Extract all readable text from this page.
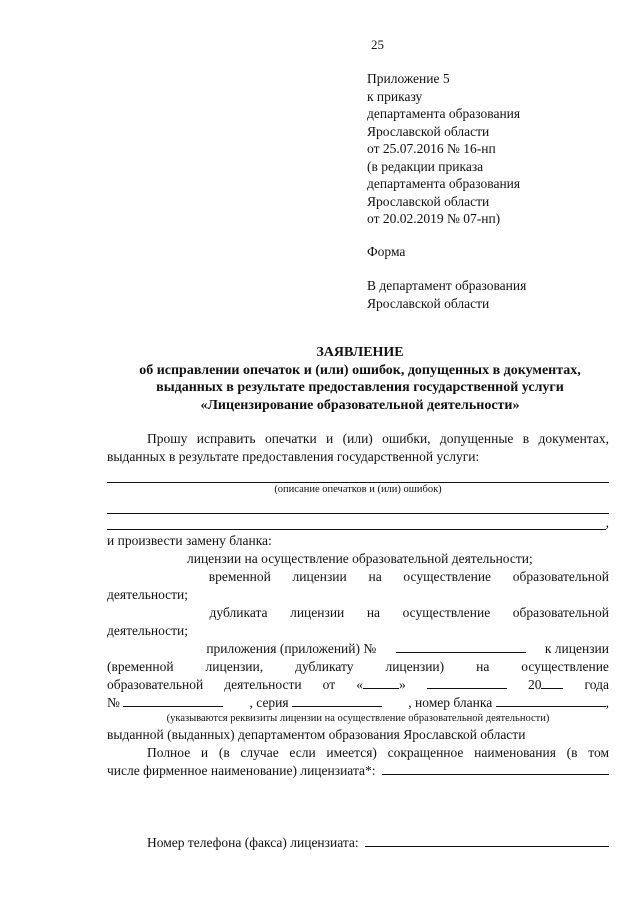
25
Приложение 5
к приказу
департамента образования
Ярославской области
от 25.07.2016 № 16-нп
(в редакции приказа
департамента образования
Ярославской области
от 20.02.2019 № 07-нп)
Форма
В департамент образования
Ярославской области
ЗАЯВЛЕНИЕ
об исправлении опечаток и (или) ошибок, допущенных в документах,
выданных в результате предоставления государственной услуги
«Лицензирование образовательной деятельности»
Прошу исправить опечатки и (или) ошибки, допущенные в документах,
выданных в результате предоставления государственной услуги:
(описание опечатков и (или) ошибок)
,
и произвести замену бланка:
лицензии на осуществление образовательной деятельности;
временной лицензии на осуществление образовательной
деятельности;
дубликата лицензии на осуществление образовательной
деятельности;
приложения (приложений) №	к лицензии
(временной лицензии, дубликату лицензии) на осуществление
образовательной деятельности от «	»	20	года
№	, серия	, номер бланка	,
(указываются реквизиты лицензии на осуществление образовательной деятельности)
выданной (выданных) департаментом образования Ярославской области
Полное и (в случае если имеется) сокращенное наименования (в том
числе фирменное наименование) лицензиата*:
Номер телефона (факса) лицензиата:
